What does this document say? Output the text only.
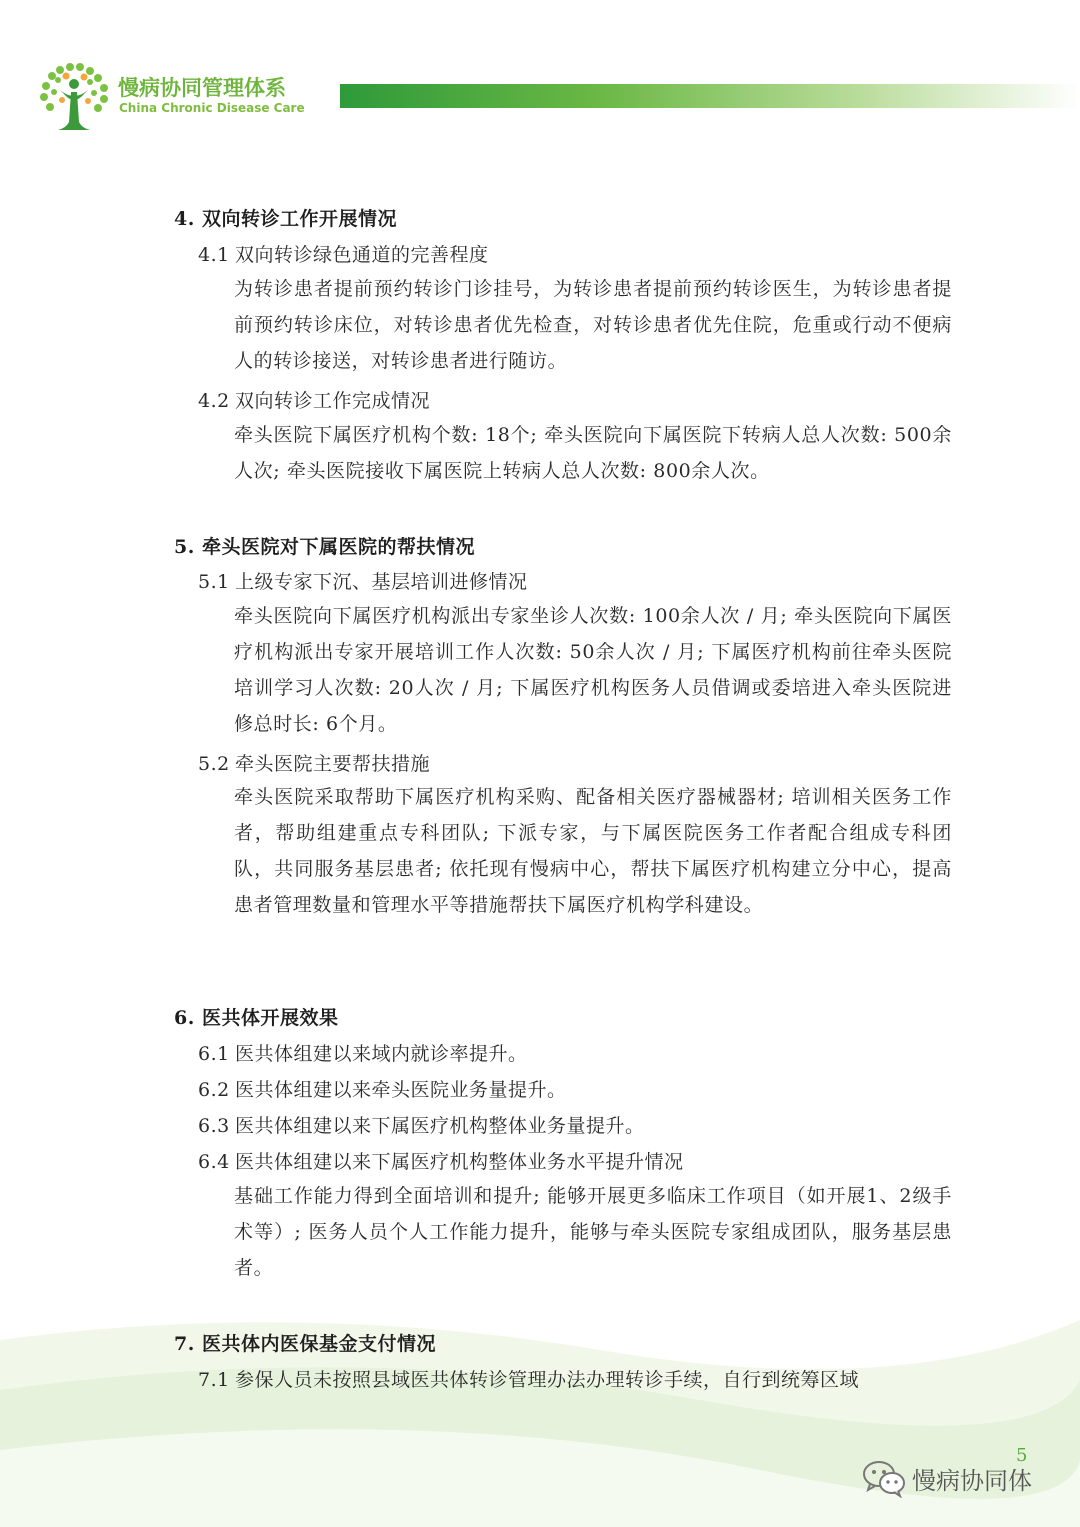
慢病协同管理体系
China Chronic Disease Care
4. 双向转诊工作开展情况
4.1 双向转诊绿色通道的完善程度
为转诊患者提前预约转诊门诊挂号，为转诊患者提前预约转诊医生，为转诊患者提前预约转诊床位，对转诊患者优先检查，对转诊患者优先住院，危重或行动不便病人的转诊接送，对转诊患者进行随访。
4.2 双向转诊工作完成情况
牵头医院下属医疗机构个数: 18个; 牵头医院向下属医院下转病人总人次数: 500余人次; 牵头医院接收下属医院上转病人总人次数: 800余人次。
5. 牵头医院对下属医院的帮扶情况
5.1 上级专家下沉、基层培训进修情况
牵头医院向下属医疗机构派出专家坐诊人次数: 100余人次 / 月; 牵头医院向下属医疗机构派出专家开展培训工作人次数: 50余人次 / 月; 下属医疗机构前往牵头医院培训学习人次数: 20人次 / 月; 下属医疗机构医务人员借调或委培进入牵头医院进修总时长: 6个月。
5.2 牵头医院主要帮扶措施
牵头医院采取帮助下属医疗机构采购、配备相关医疗器械器材; 培训相关医务工作者，帮助组建重点专科团队; 下派专家，与下属医院医务工作者配合组成专科团队，共同服务基层患者; 依托现有慢病中心，帮扶下属医疗机构建立分中心，提高患者管理数量和管理水平等措施帮扶下属医疗机构学科建设。
6. 医共体开展效果
6.1 医共体组建以来域内就诊率提升。
6.2 医共体组建以来牵头医院业务量提升。
6.3 医共体组建以来下属医疗机构整体业务量提升。
6.4 医共体组建以来下属医疗机构整体业务水平提升情况
基础工作能力得到全面培训和提升; 能够开展更多临床工作项目（如开展1、2级手术等）; 医务人员个人工作能力提升，能够与牵头医院专家组成团队，服务基层患者。
7. 医共体内医保基金支付情况
7.1 参保人员未按照县域医共体转诊管理办法办理转诊手续，自行到统筹区域
5
慢病协同体
